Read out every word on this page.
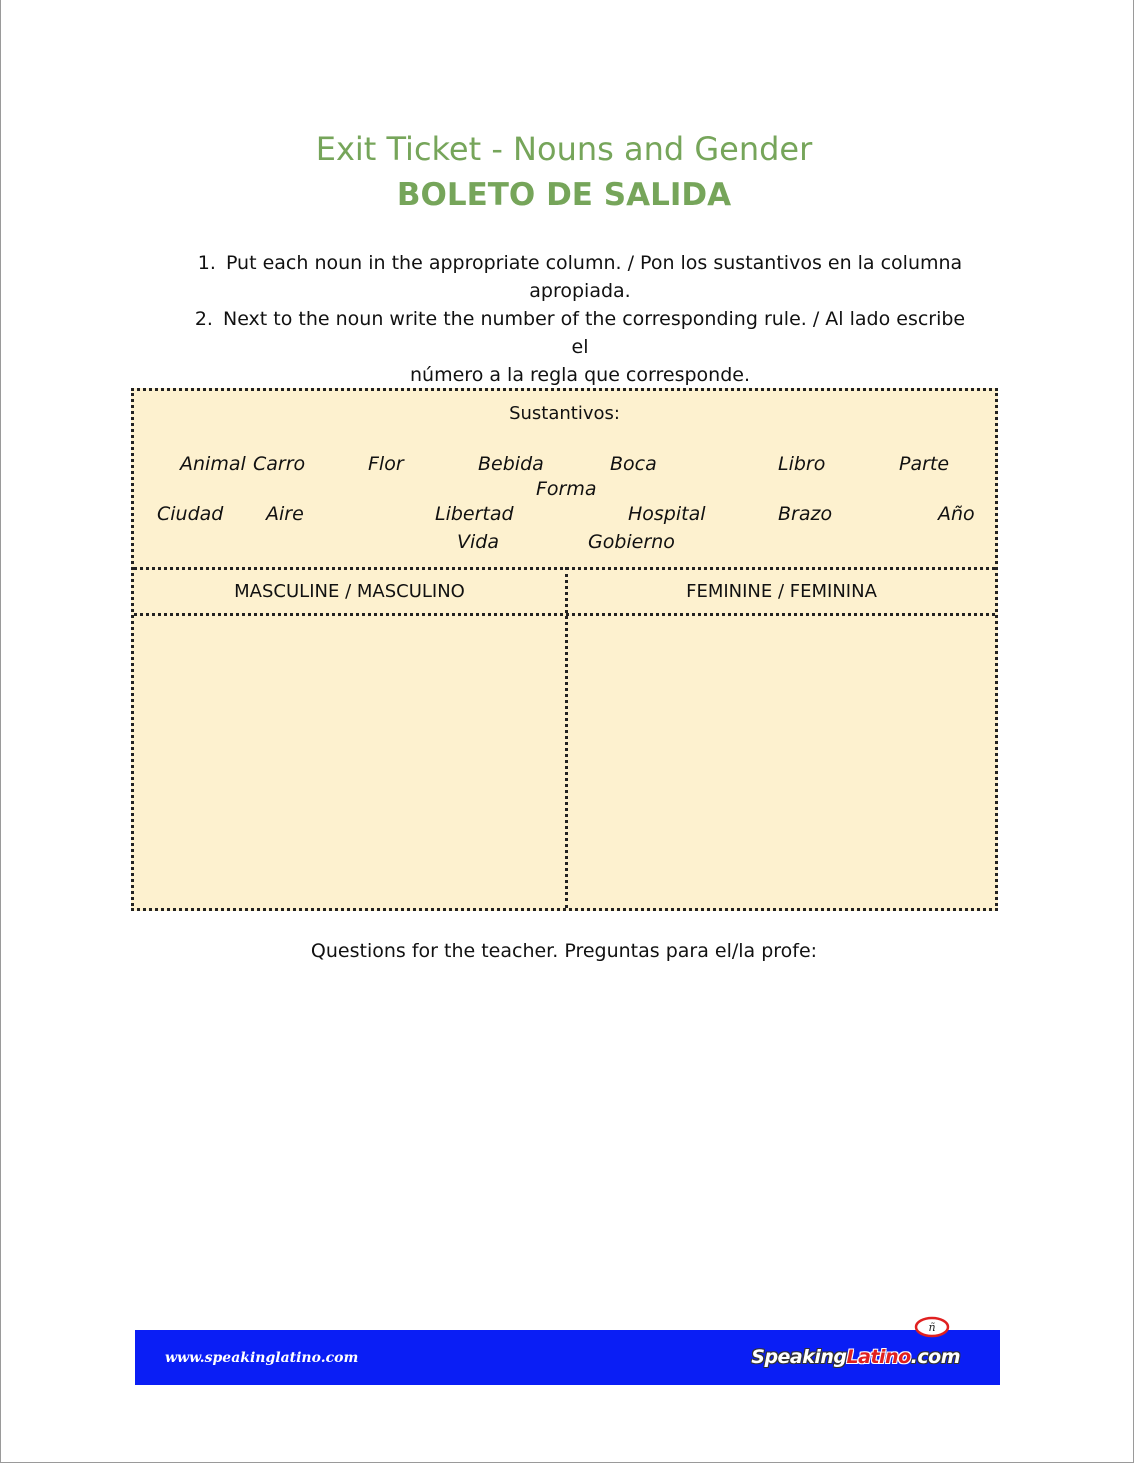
Exit Ticket - Nouns and Gender
BOLETO DE SALIDA
1. Put each noun in the appropriate column. / Pon los sustantivos en la columna
apropiada.
2. Next to the noun write the number of the corresponding rule. / Al lado escribe el
número a la regla que corresponde.
Sustantivos:
Animal Carro	Flor	Bebida	Boca	Libro	Parte
Forma
Ciudad Aire	Libertad	Hospital	Brazo	Año
Vida	Gobierno
MASCULINE / MASCULINO	FEMININE / FEMININA
Questions for the teacher. Preguntas para el/la profe:
www.speakinglatino.com	SpeakingLatino.com
ñ
